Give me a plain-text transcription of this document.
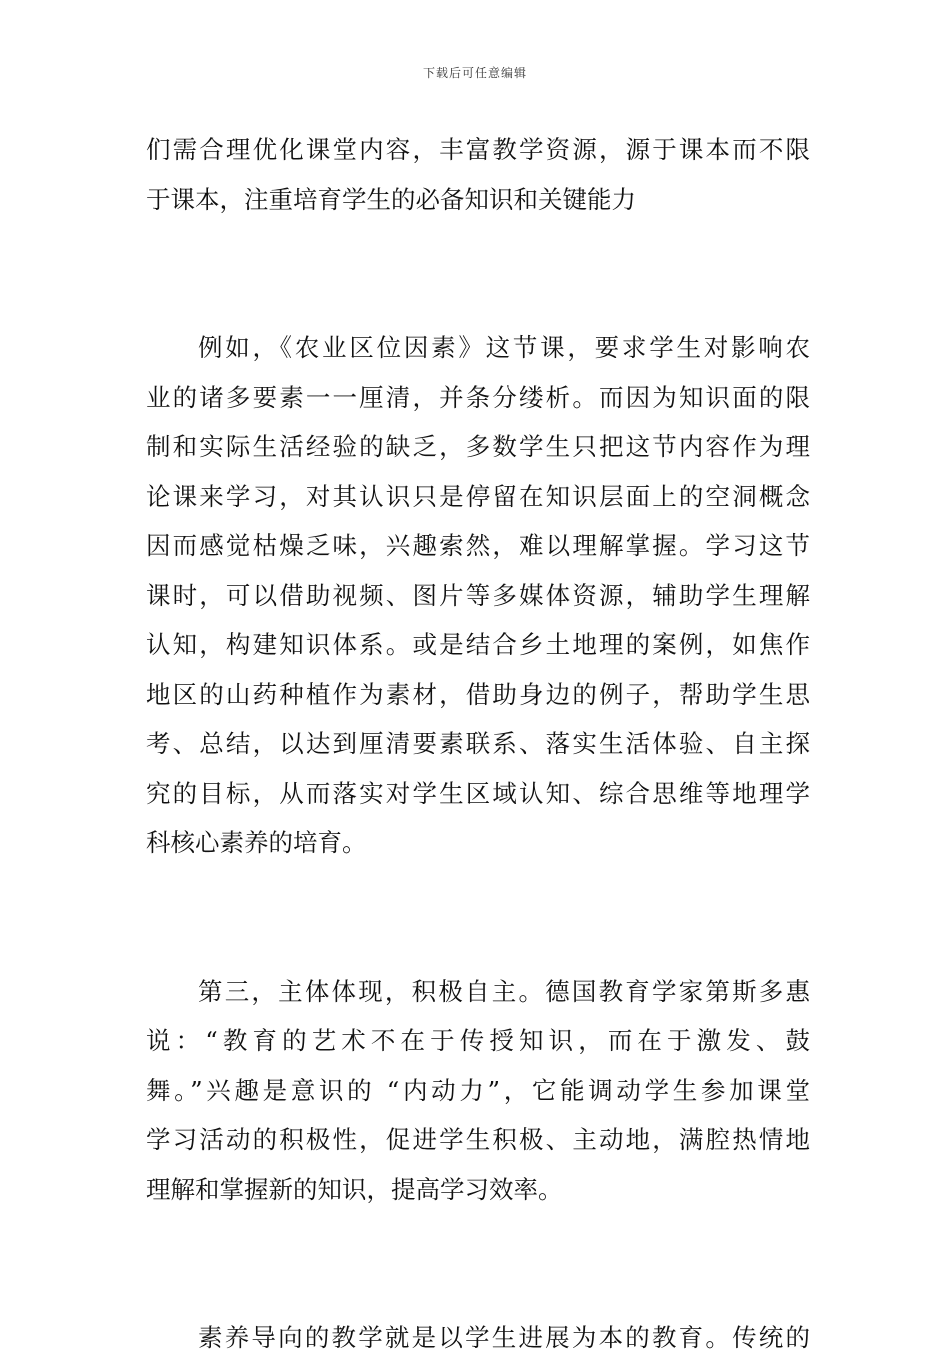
下载后可任意编辑
们需合理优化课堂内容，丰富教学资源，源于课本而不限
于课本，注重培育学生的必备知识和关键能力
例如，《农业区位因素》这节课，要求学生对影响农
业的诸多要素一一厘清，并条分缕析。而因为知识面的限
制和实际生活经验的缺乏，多数学生只把这节内容作为理
论课来学习，对其认识只是停留在知识层面上的空洞概念
因而感觉枯燥乏味，兴趣索然，难以理解掌握。学习这节
课时，可以借助视频、图片等多媒体资源，辅助学生理解
认知，构建知识体系。或是结合乡土地理的案例，如焦作
地区的山药种植作为素材，借助身边的例子，帮助学生思
考、总结，以达到厘清要素联系、落实生活体验、自主探
究的目标，从而落实对学生区域认知、综合思维等地理学
科核心素养的培育。
第三，主体体现，积极自主。德国教育学家第斯多惠
说：“教育的艺术不在于传授知识，而在于激发、鼓
舞。”兴趣是意识的 “内动力”，它能调动学生参加课堂
学习活动的积极性，促进学生积极、主动地，满腔热情地
理解和掌握新的知识，提高学习效率。
素养导向的教学就是以学生进展为本的教育。传统的
